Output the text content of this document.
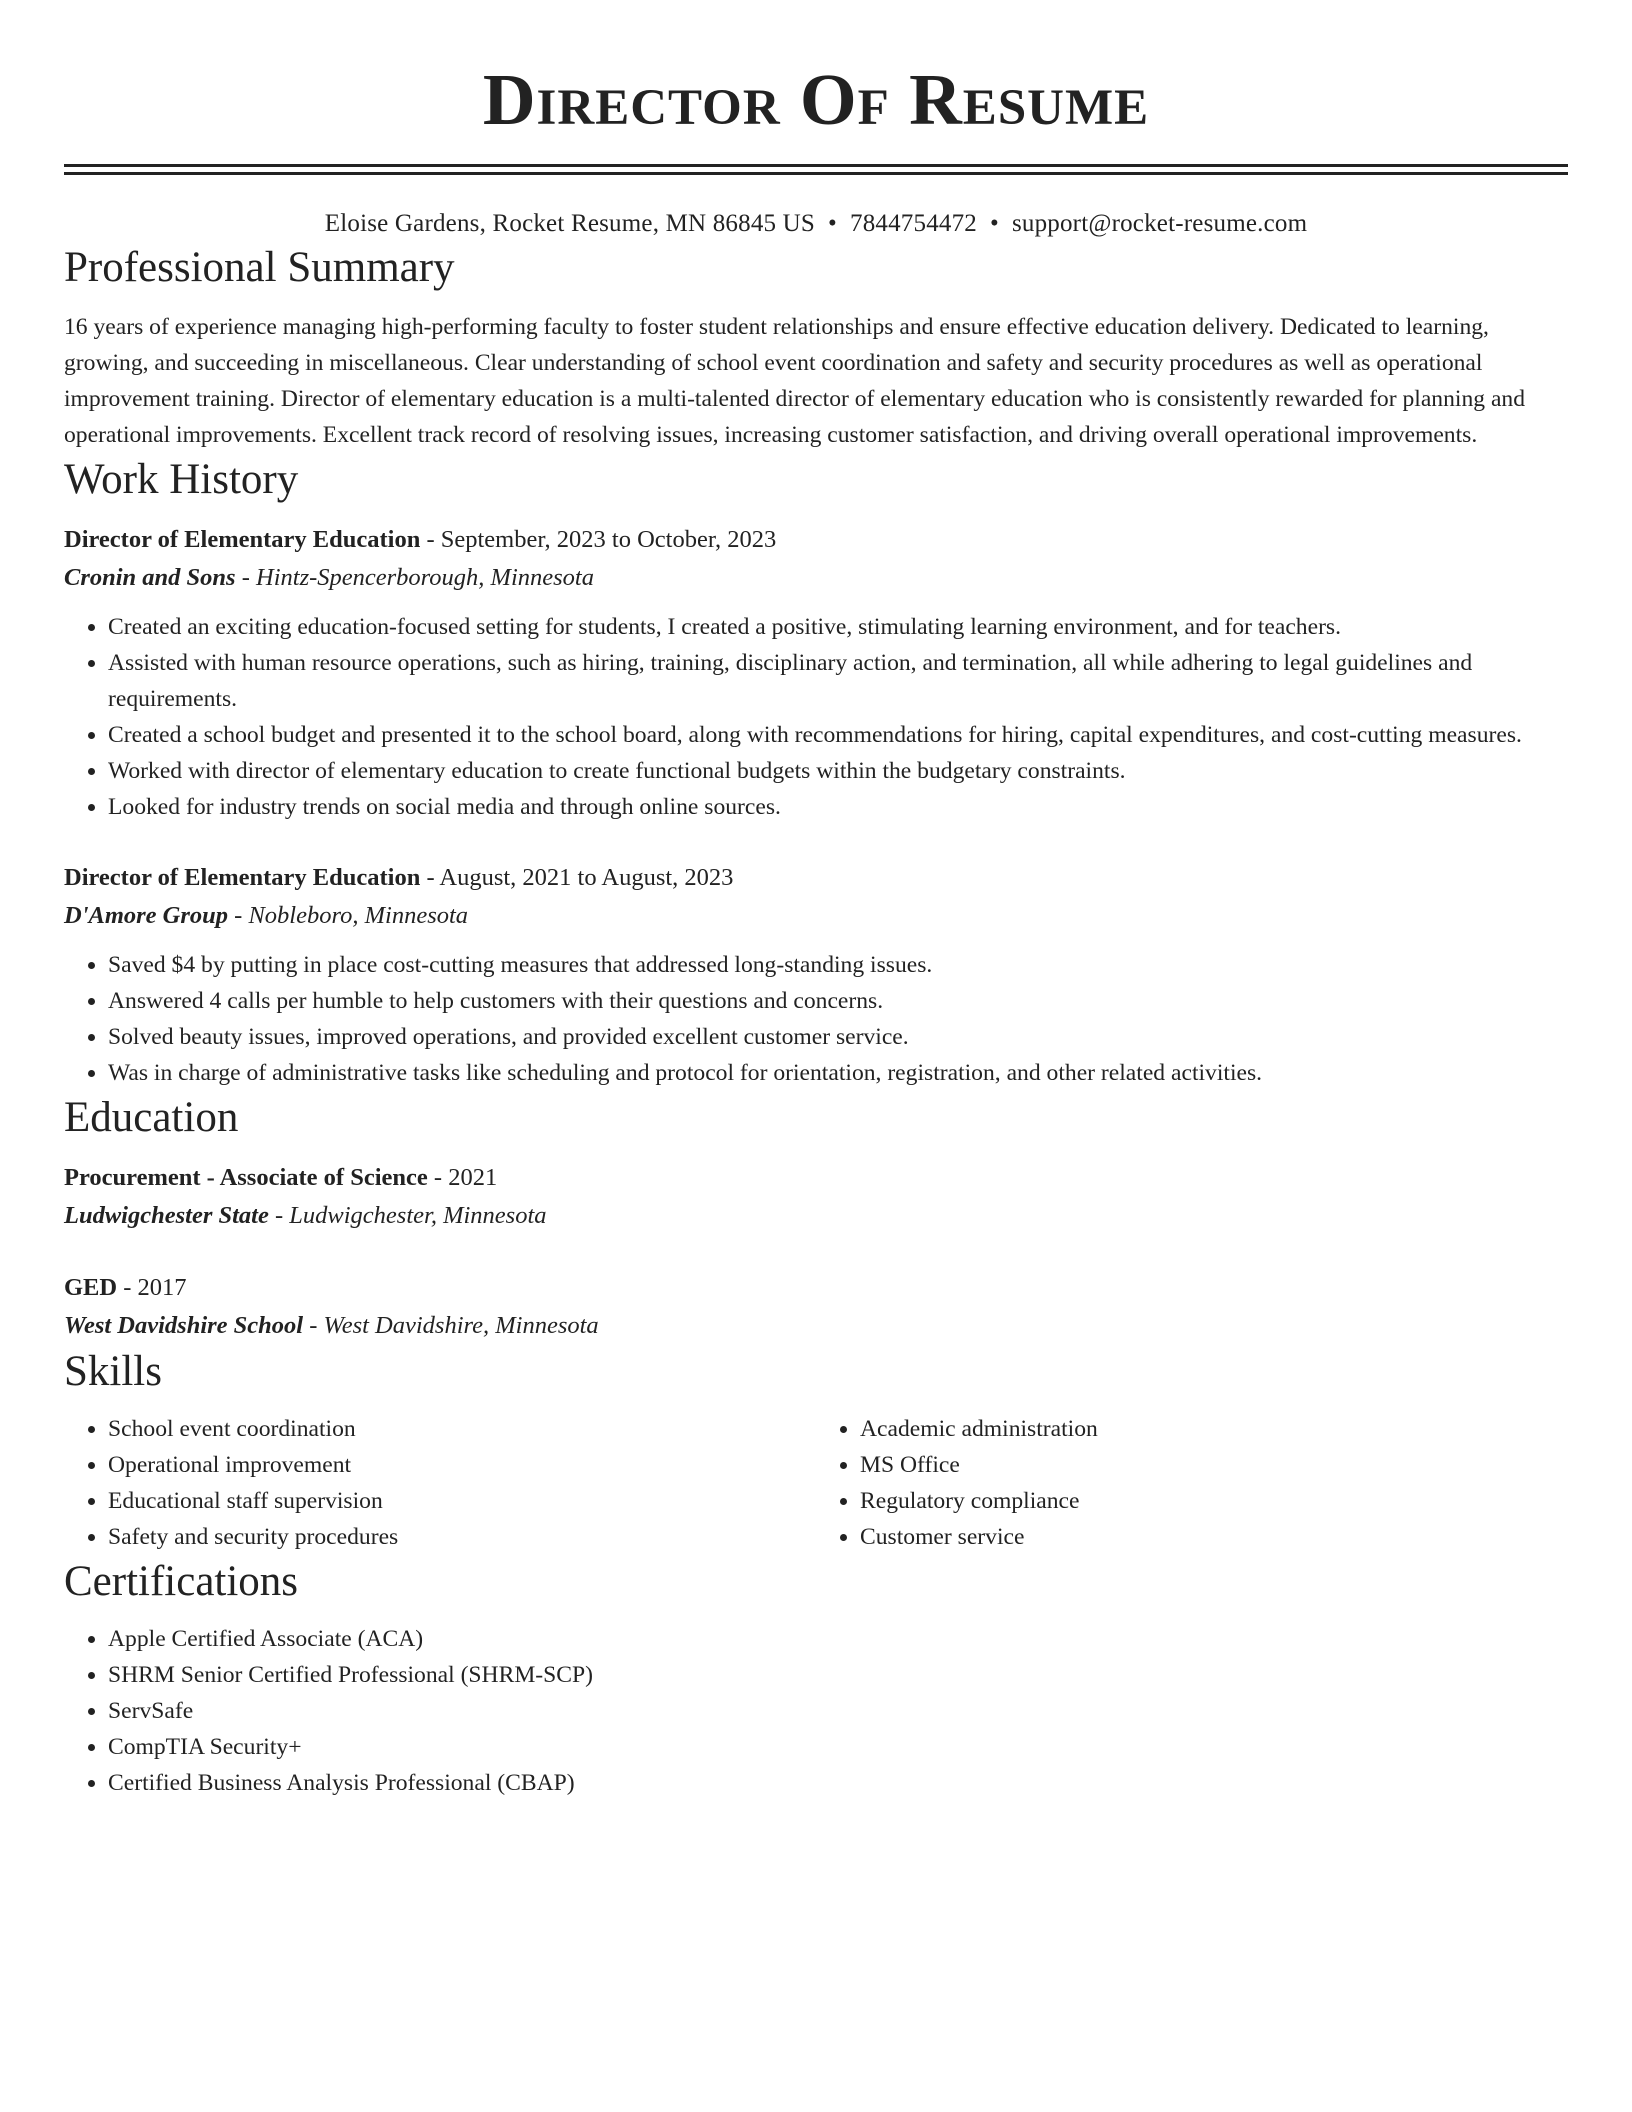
Director Of Resume
Eloise Gardens, Rocket Resume, MN 86845 US • 7844754472 • support@rocket-resume.com
Professional Summary
16 years of experience managing high-performing faculty to foster student relationships and ensure effective education delivery. Dedicated to learning, growing, and succeeding in miscellaneous. Clear understanding of school event coordination and safety and security procedures as well as operational improvement training. Director of elementary education is a multi-talented director of elementary education who is consistently rewarded for planning and operational improvements. Excellent track record of resolving issues, increasing customer satisfaction, and driving overall operational improvements.
Work History
Director of Elementary Education - September, 2023 to October, 2023
Cronin and Sons - Hintz-Spencerborough, Minnesota
• Created an exciting education-focused setting for students, I created a positive, stimulating learning environment, and for teachers.
• Assisted with human resource operations, such as hiring, training, disciplinary action, and termination, all while adhering to legal guidelines and requirements.
• Created a school budget and presented it to the school board, along with recommendations for hiring, capital expenditures, and cost-cutting measures.
• Worked with director of elementary education to create functional budgets within the budgetary constraints.
• Looked for industry trends on social media and through online sources.
Director of Elementary Education - August, 2021 to August, 2023
D'Amore Group - Nobleboro, Minnesota
• Saved $4 by putting in place cost-cutting measures that addressed long-standing issues.
• Answered 4 calls per humble to help customers with their questions and concerns.
• Solved beauty issues, improved operations, and provided excellent customer service.
• Was in charge of administrative tasks like scheduling and protocol for orientation, registration, and other related activities.
Education
Procurement - Associate of Science - 2021
Ludwigchester State - Ludwigchester, Minnesota
GED - 2017
West Davidshire School - West Davidshire, Minnesota
Skills
• School event coordination
• Operational improvement
• Educational staff supervision
• Safety and security procedures
• Academic administration
• MS Office
• Regulatory compliance
• Customer service
Certifications
• Apple Certified Associate (ACA)
• SHRM Senior Certified Professional (SHRM-SCP)
• ServSafe
• CompTIA Security+
• Certified Business Analysis Professional (CBAP)
